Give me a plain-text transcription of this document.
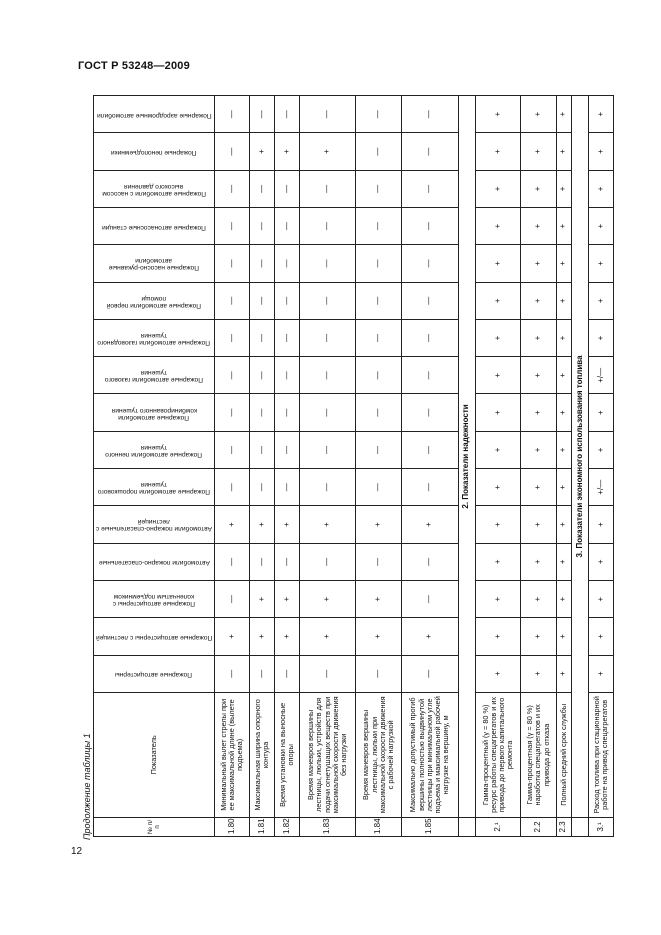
ГОСТ Р 53248—2009
12
Продолжение таблицы 1	№ п/п	Показатель	Пожарные автоцистерны	Пожарные автоцистерны с лестницей	Пожарные автоцистерны с коленчатым подъемником	Автомобили пожарно-спасательные	Автомобили пожарно-спасательные с лестницей	Пожарные автомобили порошкового тушения	Пожарные автомобили пенного тушения	Пожарные автомобили комбинированного тушения	Пожарные автомобили газового тушения	Пожарные автомобили газоводяного тушения	Пожарные автомобили первой помощи	Пожарные насосно-рукавные автомобили	Пожарные автонасосные станции	Пожарные автомобили с насосом высокого давления	Пожарные пеноподъемники	Пожарные аэродромные автомобили

1.80	Минимальный вылет стрелы при ее максимальной длине (вылете подъема)	—	+	—	—	+	—	—	—	—	—	—	—	—	—	—	—
1.81	Максимальная ширина опорного контура	—	+	+	—	+	—	—	—	—	—	—	—	—	—	+	—
1.82	Время установки на выносные опоры	—	+	+	—	+	—	—	—	—	—	—	—	—	—	+	—
1.83	Время маневров вершины лестницы, люльки, устройств для подачи огнетушащих веществ при максимальной скорости движения без нагрузки	—	+	+	—	+	—	—	—	—	—	—	—	—	—	+	—
1.84	Время маневров вершины лестницы, люльки при максимальной скорости движения с рабочей нагрузкой	—	+	+	—	+	—	—	—	—	—	—	—	—	—	—	—
1.85	Максимально допустимый прогиб вершины полностью выдвинутой лестницы при минимальном угле подъема и максимальной рабочей нагрузке на вершину, м	—	+	—	—	+	—	—	—	—	—	—	—	—	—	—	—
	2. Показатели надежности																
2.¹	Гамма-процентный (γ = 80 %) ресурс работы спецагрегатов и их привода до первого капитального ремонта	+	+	+	+	+	+	+	+	+	+	+	+	+	+	+	+
2.2	Гамма-процентная (γ = 80 %) наработка спецагрегатов и их привода до отказа	+	+	+	+	+	+	+	+	+	+	+	+	+	+	+	+
2.3	Полный средний срок службы	+	+	+	+	+	+	+	+	+	+	+	+	+	+	+	+
	3. Показатели экономного использования топлива																
3.¹	Расход топлива при стационарной работе на привод спецагрегатов	+	+	+	+	+	+/—	+	+	+/—	+	+	+	+	+	+	+
